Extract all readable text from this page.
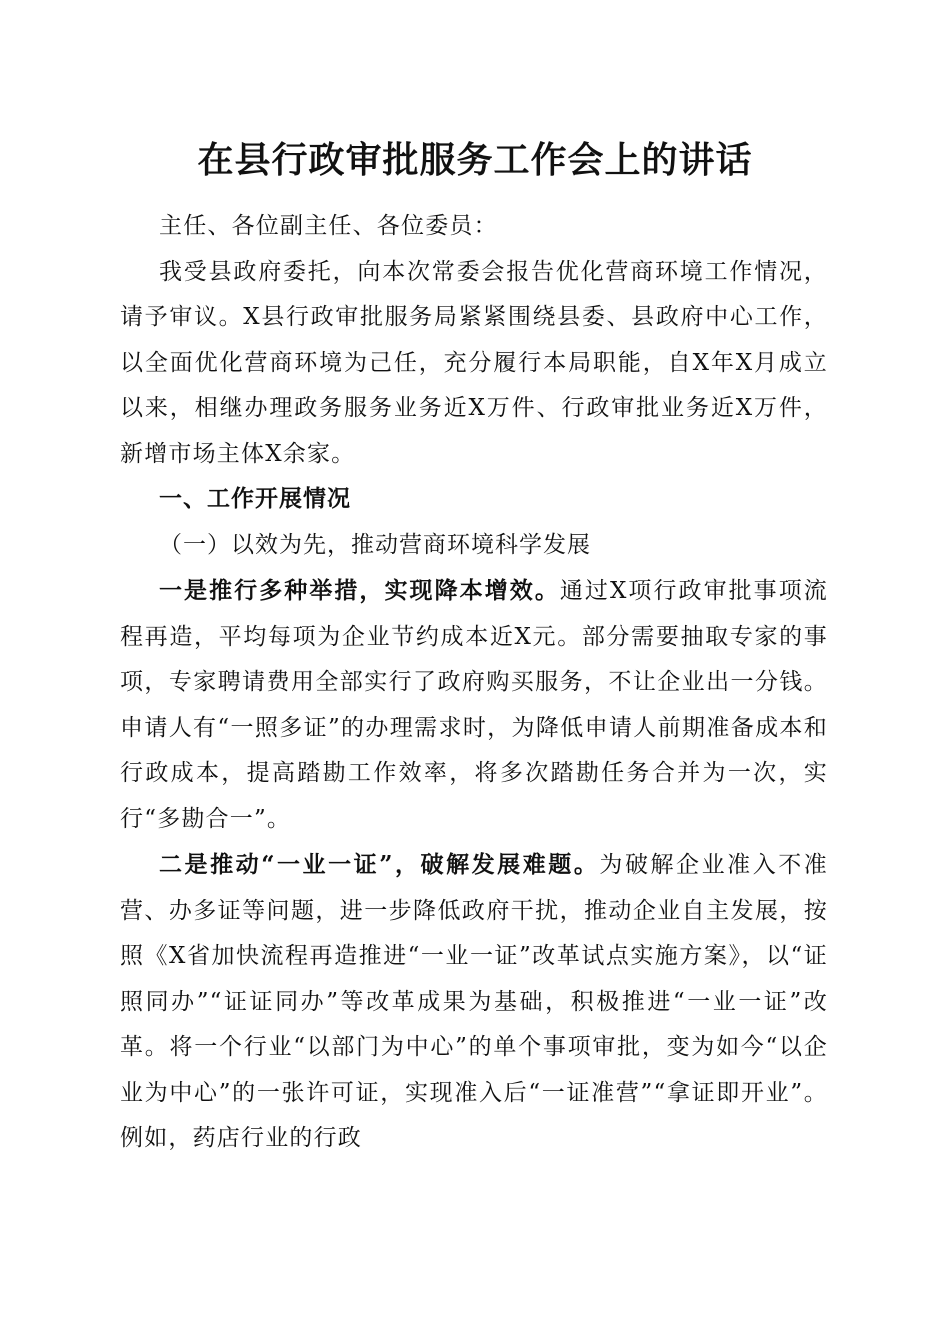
在县行政审批服务工作会上的讲话

主任、各位副主任、各位委员：

我受县政府委托，向本次常委会报告优化营商环境工作情况，请予审议。X县行政审批服务局紧紧围绕县委、县政府中心工作，以全面优化营商环境为己任，充分履行本局职能，自X年X月成立以来，相继办理政务服务业务近X万件、行政审批业务近X万件，新增市场主体X余家。

一、工作开展情况

（一）以效为先，推动营商环境科学发展

一是推行多种举措，实现降本增效。通过X项行政审批事项流程再造，平均每项为企业节约成本近X元。部分需要抽取专家的事项，专家聘请费用全部实行了政府购买服务，不让企业出一分钱。申请人有“一照多证”的办理需求时，为降低申请人前期准备成本和行政成本，提高踏勘工作效率，将多次踏勘任务合并为一次，实行“多勘合一”。

二是推动“一业一证”，破解发展难题。为破解企业准入不准营、办多证等问题，进一步降低政府干扰，推动企业自主发展，按照《X省加快流程再造推进“一业一证”改革试点实施方案》，以“证照同办”“证证同办”等改革成果为基础，积极推进“一业一证”改革。将一个行业“以部门为中心”的单个事项审批，变为如今“以企业为中心”的一张许可证，实现准入后“一证准营”“拿证即开业”。例如，药店行业的行政
